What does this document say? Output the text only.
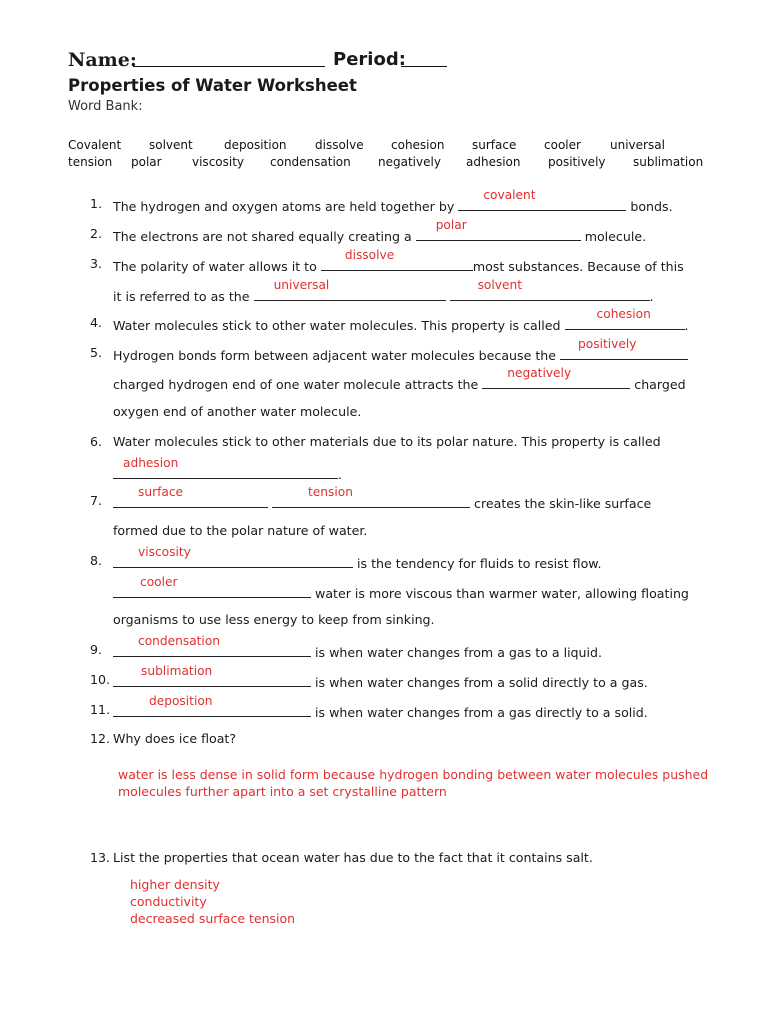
Name:	Period:
Properties of Water Worksheet
Word Bank:
Covalent solvent	deposition dissolve cohesion surface cooler universal
tension polar	viscosity condensation negatively adhesion positively sublimation
1. The hydrogen and oxygen atoms are held together by
covalent
bonds.
2. The electrons are not shared equally creating a
polar
molecule.
3. The polarity of water allows it to
dissolve
most substances. Because of this
it is referred to as the
universal
	solvent
.
4. Water molecules stick to other water molecules. This property is called
cohesion
.
5. Hydrogen bonds form between adjacent water molecules because the
positively
charged hydrogen end of one water molecule attracts the
negatively
charged
oxygen end of another water molecule.
6. Water molecules stick to other materials due to its polar nature. This property is called
adhesion
.
7.
surface
	tension
creates the skin-like surface
formed due to the polar nature of water.
8.
viscosity
is the tendency for fluids to resist flow.
cooler
water is more viscous than warmer water, allowing floating
organisms to use less energy to keep from sinking.
9.
condensation
is when water changes from a gas to a liquid.
10.
sublimation
is when water changes from a solid directly to a gas.
11.
deposition
is when water changes from a gas directly to a solid.
12. Why does ice float?
water is less dense in solid form because hydrogen bonding between water molecules pushed
molecules further apart into a set crystalline pattern
13. List the properties that ocean water has due to the fact that it contains salt.
higher density
conductivity
decreased surface tension
